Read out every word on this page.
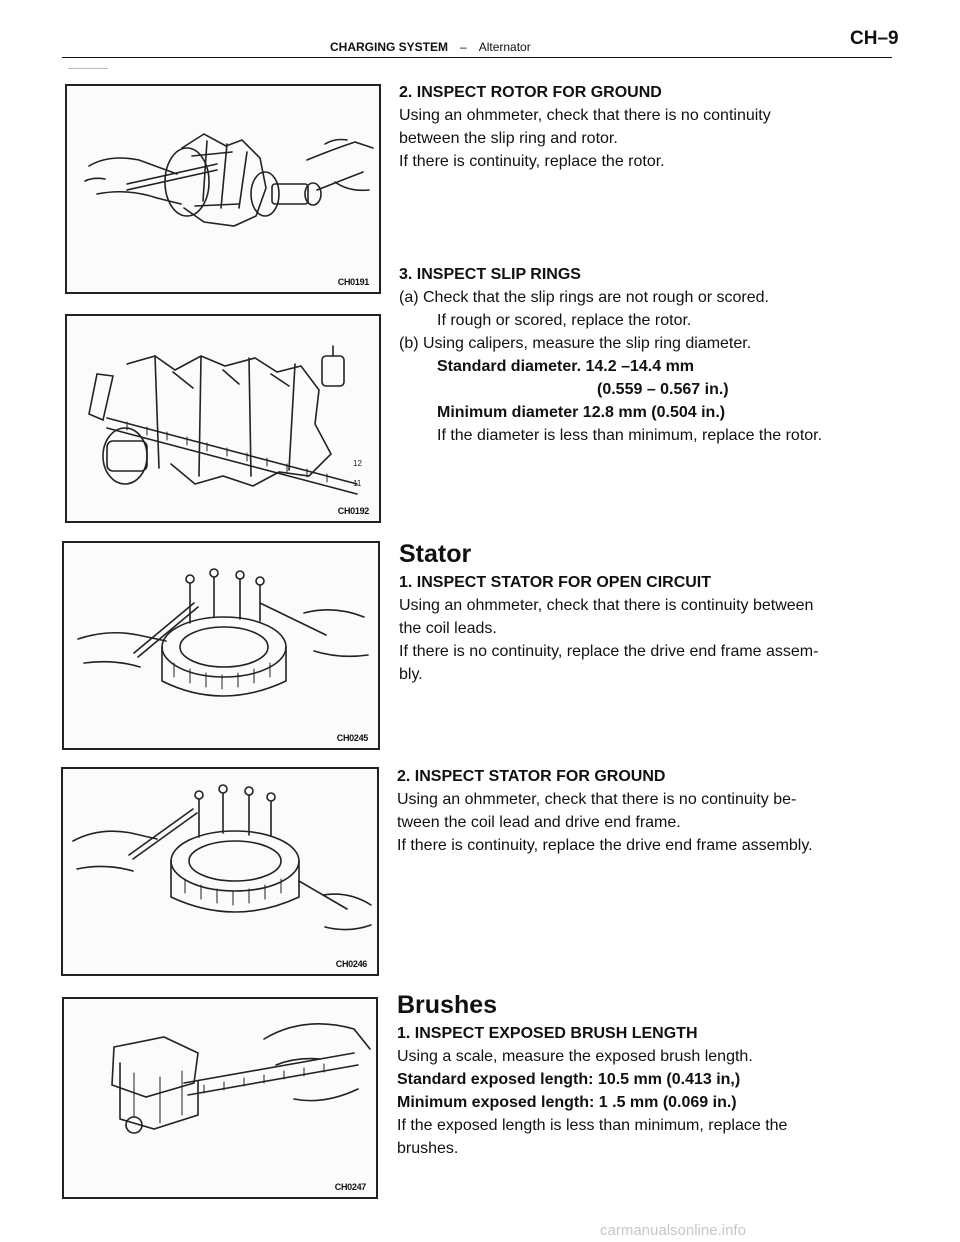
CHARGING SYSTEM – Alternator	CH–9
CH0191
12
11
CH0192
CH0245
CH0246
CH0247

2. INSPECT ROTOR FOR GROUND

Using an ohmmeter, check that there is no continuity

between the slip ring and rotor.

If there is continuity, replace the rotor.

3. INSPECT SLIP RINGS

(a) Check that the slip rings are not rough or scored.

If rough or scored, replace the rotor.

(b) Using calipers, measure the slip ring diameter.

Standard diameter. 14.2 –14.4 mm

(0.559 – 0.567 in.)

Minimum diameter 12.8 mm (0.504 in.)

If the diameter is less than minimum, replace the rotor.

Stator

1. INSPECT STATOR FOR OPEN CIRCUIT

Using an ohmmeter, check that there is continuity between

the coil leads.

If there is no continuity, replace the drive end frame assem-

bly.

2. INSPECT STATOR FOR GROUND

Using an ohmmeter, check that there is no continuity be-

tween the coil lead and drive end frame.

If there is continuity, replace the drive end frame assembly.

Brushes

1. INSPECT EXPOSED BRUSH LENGTH

Using a scale, measure the exposed brush length.

Standard exposed length: 10.5 mm (0.413 in,)

Minimum exposed length: 1 .5 mm (0.069 in.)

If the exposed length is less than minimum, replace the

brushes.

carmanualsonline.info
